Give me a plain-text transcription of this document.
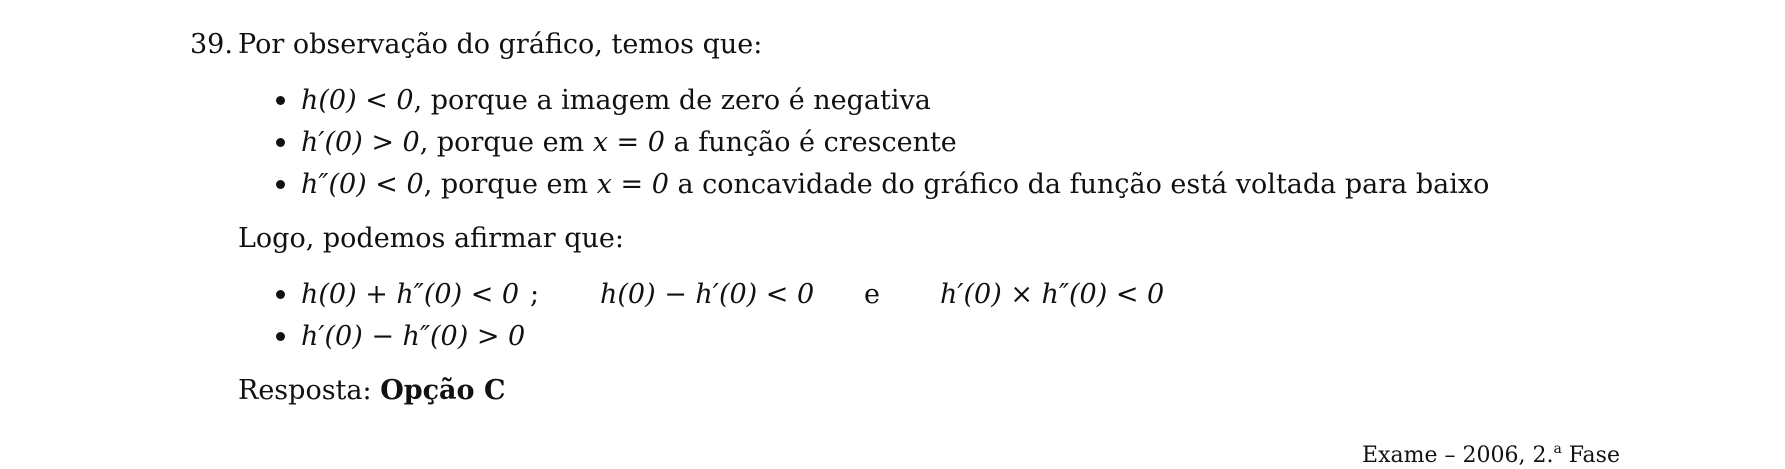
39. Por observação do gráfico, temos que:
h(0) < 0, porque a imagem de zero é negativa
h′(0) > 0, porque em x = 0 a função é crescente
h″(0) < 0, porque em x = 0 a concavidade do gráfico da função está voltada para baixo
Logo, podemos afirmar que:
h(0) + h″(0) < 0 ; h(0) − h′(0) < 0 e h′(0) × h″(0) < 0
h′(0) − h″(0) > 0
Resposta: Opção C
Exame – 2006, 2.$^a$ Fase
